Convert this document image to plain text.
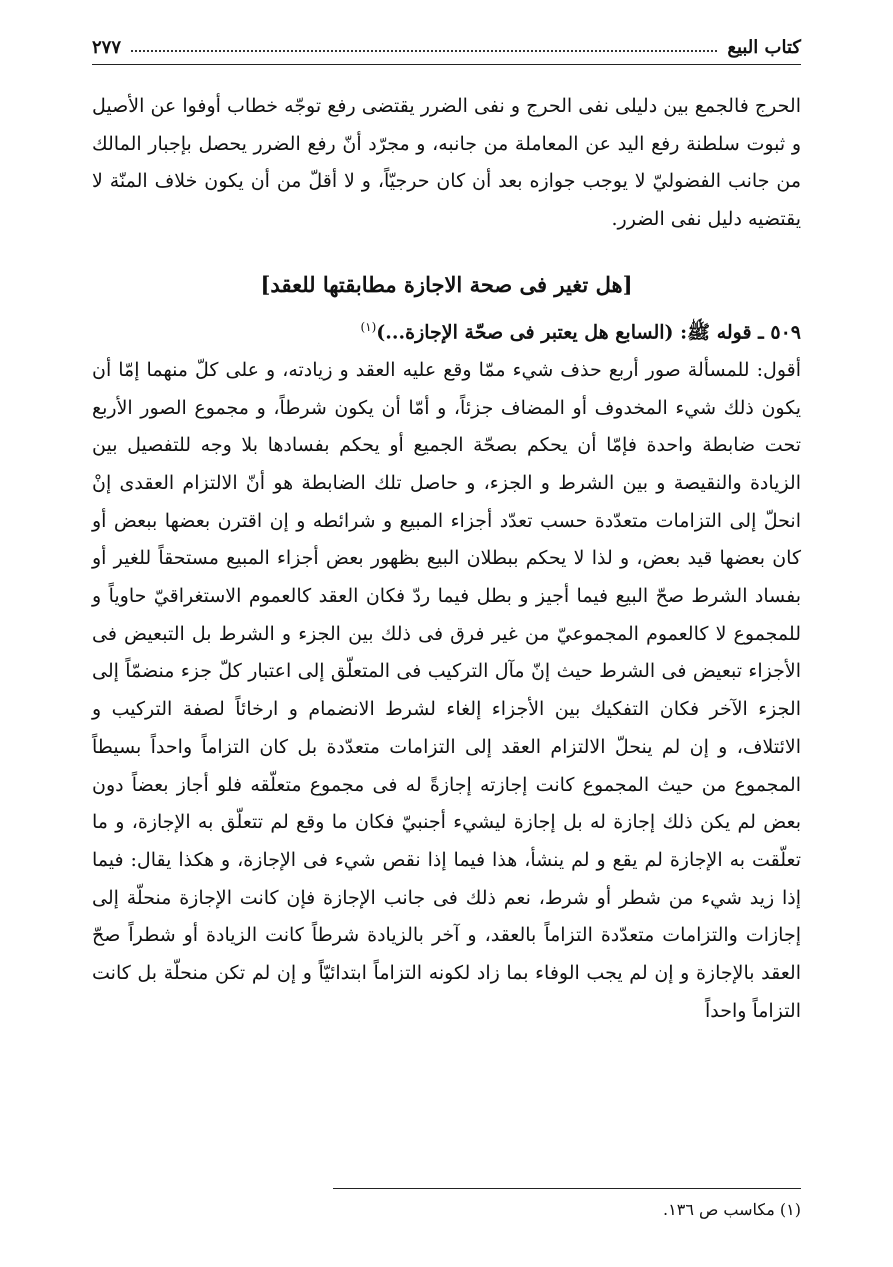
كتاب البيع
٢٧٧

الحرج فالجمع بين دليلى نفى الحرج و نفى الضرر يقتضى رفع توجّه خطاب أوفوا عن الأصيل و ثبوت سلطنة رفع اليد عن المعاملة من جانبه، و مجرّد أنّ رفع الضرر يحصل بإجبار المالك من جانب الفضوليّ لا يوجب جوازه بعد أن كان حرجيّاً، و لا أقلّ من أن يكون خلاف المنّة لا يقتضيه دليل نفى الضرر.

[هل تغير فى صحة الاجازة مطابقتها للعقد]

٥٠٩ ـ قوله ﷺ: (السابع هل يعتبر فى صحّة الإجازة...)$^{(١)}$

أقول: للمسألة صور أربع حذف شيء ممّا وقع عليه العقد و زيادته، و على كلّ منهما إمّا أن يكون ذلك شيء المخدوف أو المضاف جزئاً، و أمّا أن يكون شرطاً، و مجموع الصور الأربع تحت ضابطة واحدة فإمّا أن يحكم بصحّة الجميع أو يحكم بفسادها بلا وجه للتفصيل بين الزيادة والنقيصة و بين الشرط و الجزء، و حاصل تلك الضابطة هو أنّ الالتزام العقدى إنْ انحلّ إلى التزامات متعدّدة حسب تعدّد أجزاء المبيع و شرائطه و إن اقترن بعضها ببعض أو كان بعضها قيد بعض، و لذا لا يحكم ببطلان البيع بظهور بعض أجزاء المبيع مستحقاً للغير أو بفساد الشرط صحّ البيع فيما أجيز و بطل فيما ردّ فكان العقد كالعموم الاستغراقيّ حاوياً و للمجموع لا كالعموم المجموعيّ من غير فرق فى ذلك بين الجزء و الشرط بل التبعيض فى الأجزاء تبعيض فى الشرط حيث إنّ مآل التركيب فى المتعلّق إلى اعتبار كلّ جزء منضمّاً إلى الجزء الآخر فكان التفكيك بين الأجزاء إلغاء لشرط الانضمام و ارخائاً لصفة التركيب و الائتلاف، و إن لم ينحلّ الالتزام العقد إلى التزامات متعدّدة بل كان التزاماً واحداً بسيطاً المجموع من حيث المجموع كانت إجازته إجازةً له فى مجموع متعلّقه فلو أجاز بعضاً دون بعض لم يكن ذلك إجازة له بل إجازة ليشيء أجنبيّ فكان ما وقع لم تتعلّق به الإجازة، و ما تعلّقت به الإجازة لم يقع و لم ينشأ، هذا فيما إذا نقص شيء فى الإجازة، و هكذا يقال: فيما إذا زيد شيء من شطر أو شرط، نعم ذلك فى جانب الإجازة فإن كانت الإجازة منحلّة إلى إجازات والتزامات متعدّدة التزاماً بالعقد، و آخر بالزيادة شرطاً كانت الزيادة أو شطراً صحّ العقد بالإجازة و إن لم يجب الوفاء بما زاد لكونه التزاماً ابتدائيّاً و إن لم تكن منحلّة بل كانت التزاماً واحداً

(١) مكاسب ص ١٣٦.
